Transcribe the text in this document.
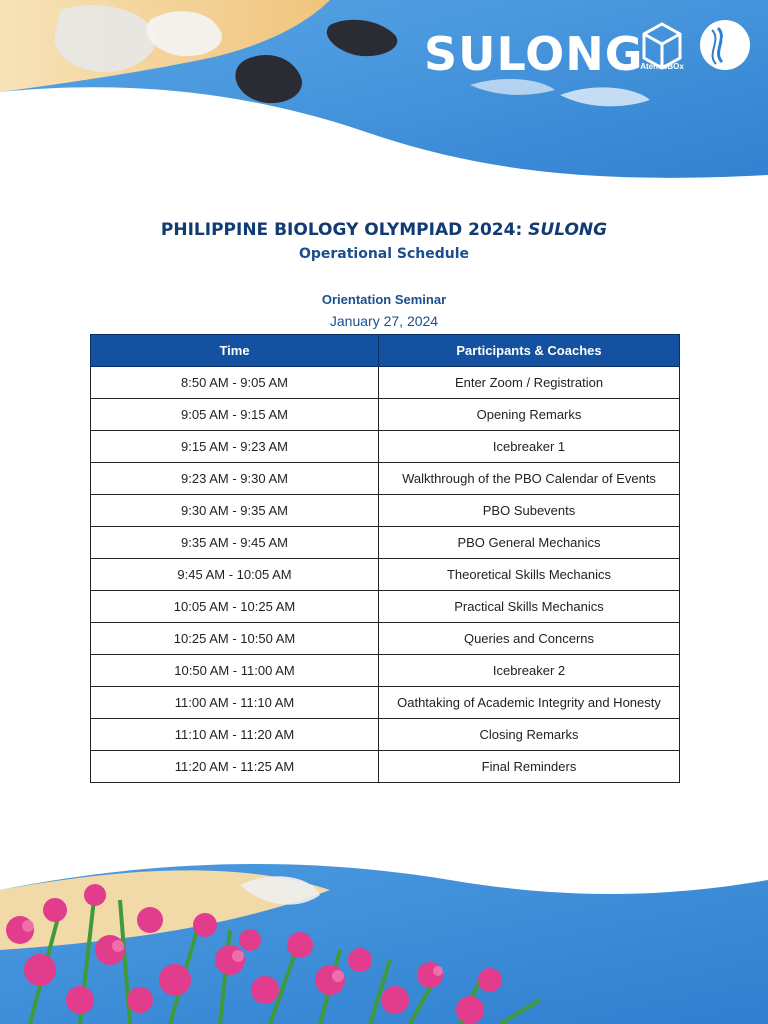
SULONG
AteneoBOx
BIOLOGY
PHILIPPINE BIOLOGY OLYMPIAD 2024: SULONG
Operational Schedule
Orientation Seminar
January 27, 2024
Time	Participants & Coaches
8:50 AM - 9:05 AM	Enter Zoom / Registration
9:05 AM - 9:15 AM	Opening Remarks
9:15 AM - 9:23 AM	Icebreaker 1
9:23 AM - 9:30 AM	Walkthrough of the PBO Calendar of Events
9:30 AM - 9:35 AM	PBO Subevents
9:35 AM - 9:45 AM	PBO General Mechanics
9:45 AM - 10:05 AM	Theoretical Skills Mechanics
10:05 AM - 10:25 AM	Practical Skills Mechanics
10:25 AM - 10:50 AM	Queries and Concerns
10:50 AM - 11:00 AM	Icebreaker 2
11:00 AM - 11:10 AM	Oathtaking of Academic Integrity and Honesty
11:10 AM - 11:20 AM	Closing Remarks
11:20 AM - 11:25 AM	Final Reminders
